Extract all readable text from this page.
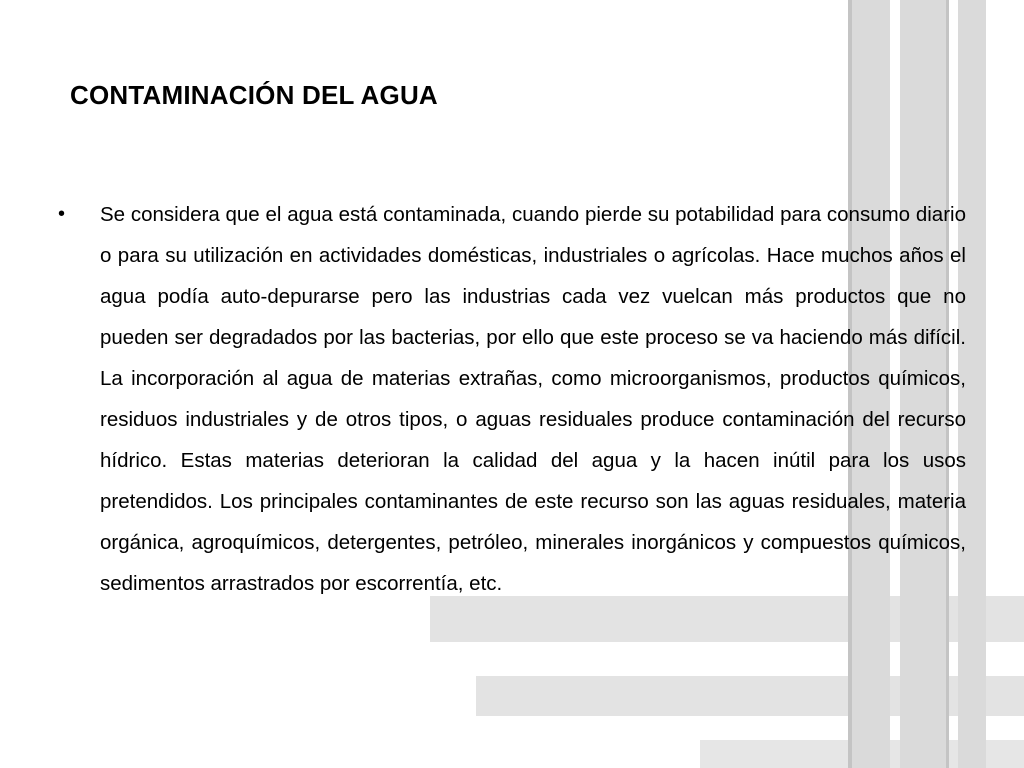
CONTAMINACIÓN DEL AGUA
• Se considera que el agua está contaminada, cuando pierde su potabilidad para consumo diario o para su utilización en actividades domésticas, industriales o agrícolas. Hace muchos años el agua podía auto-depurarse pero las industrias cada vez vuelcan más productos que no pueden ser degradados por las bacterias, por ello que este proceso se va haciendo más difícil. La incorporación al agua de materias extrañas, como microorganismos, productos químicos, residuos industriales y de otros tipos, o aguas residuales produce contaminación del recurso hídrico. Estas materias deterioran la calidad del agua y la hacen inútil para los usos pretendidos. Los principales contaminantes de este recurso son las aguas residuales, materia orgánica, agroquímicos, detergentes, petróleo, minerales inorgánicos y compuestos químicos, sedimentos arrastrados por escorrentía, etc.
